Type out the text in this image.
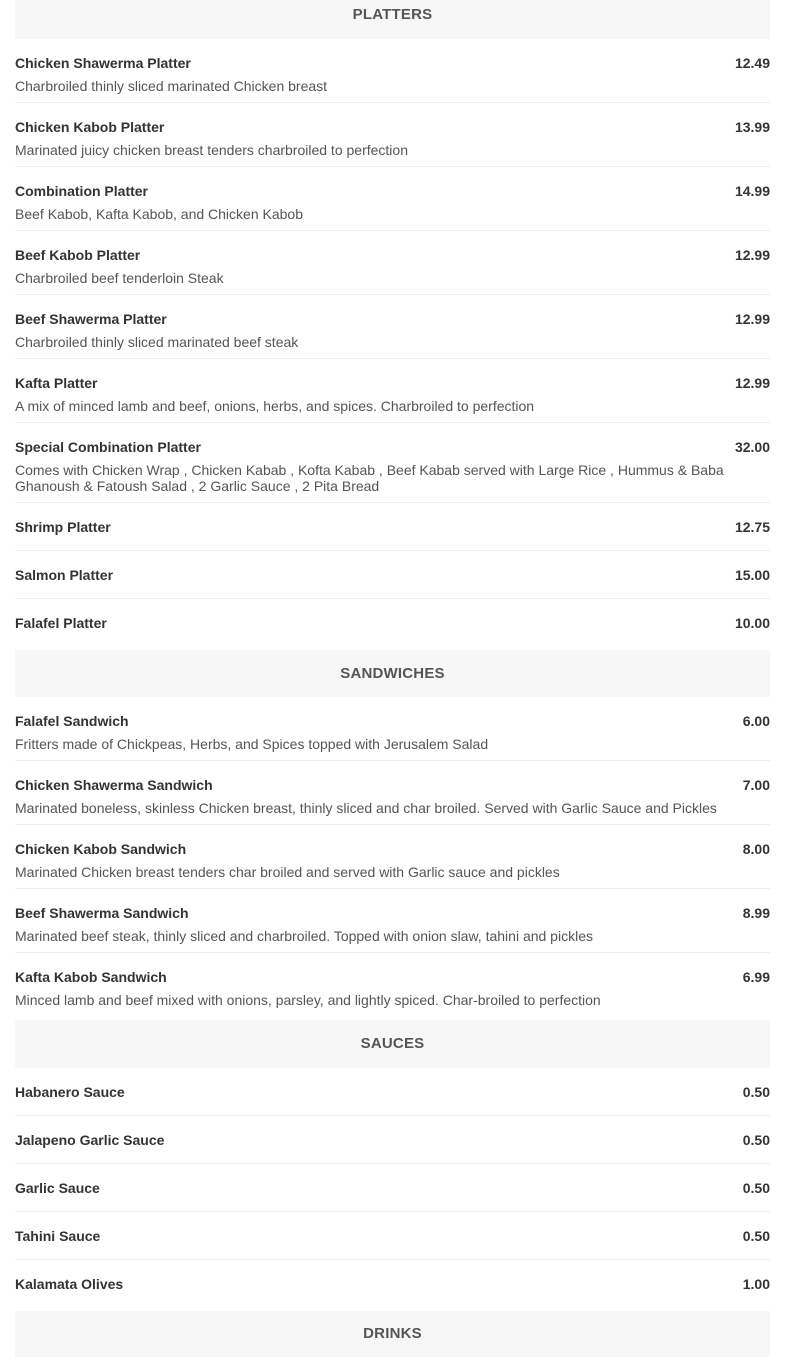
PLATTERS
Chicken Shawerma Platter	12.49
Charbroiled thinly sliced marinated Chicken breast
Chicken Kabob Platter	13.99
Marinated juicy chicken breast tenders charbroiled to perfection
Combination Platter	14.99
Beef Kabob, Kafta Kabob, and Chicken Kabob
Beef Kabob Platter	12.99
Charbroiled beef tenderloin Steak
Beef Shawerma Platter	12.99
Charbroiled thinly sliced marinated beef steak
Kafta Platter	12.99
A mix of minced lamb and beef, onions, herbs, and spices. Charbroiled to perfection
Special Combination Platter	32.00
Comes with Chicken Wrap , Chicken Kabab , Kofta Kabab , Beef Kabab served with Large Rice , Hummus & Baba Ghanoush & Fatoush Salad , 2 Garlic Sauce , 2 Pita Bread
Shrimp Platter	12.75
Salmon Platter	15.00
Falafel Platter	10.00
SANDWICHES
Falafel Sandwich	6.00
Fritters made of Chickpeas, Herbs, and Spices topped with Jerusalem Salad
Chicken Shawerma Sandwich	7.00
Marinated boneless, skinless Chicken breast, thinly sliced and char broiled. Served with Garlic Sauce and Pickles
Chicken Kabob Sandwich	8.00
Marinated Chicken breast tenders char broiled and served with Garlic sauce and pickles
Beef Shawerma Sandwich	8.99
Marinated beef steak, thinly sliced and charbroiled. Topped with onion slaw, tahini and pickles
Kafta Kabob Sandwich	6.99
Minced lamb and beef mixed with onions, parsley, and lightly spiced. Char-broiled to perfection
SAUCES
Habanero Sauce	0.50
Jalapeno Garlic Sauce	0.50
Garlic Sauce	0.50
Tahini Sauce	0.50
Kalamata Olives	1.00
DRINKS
